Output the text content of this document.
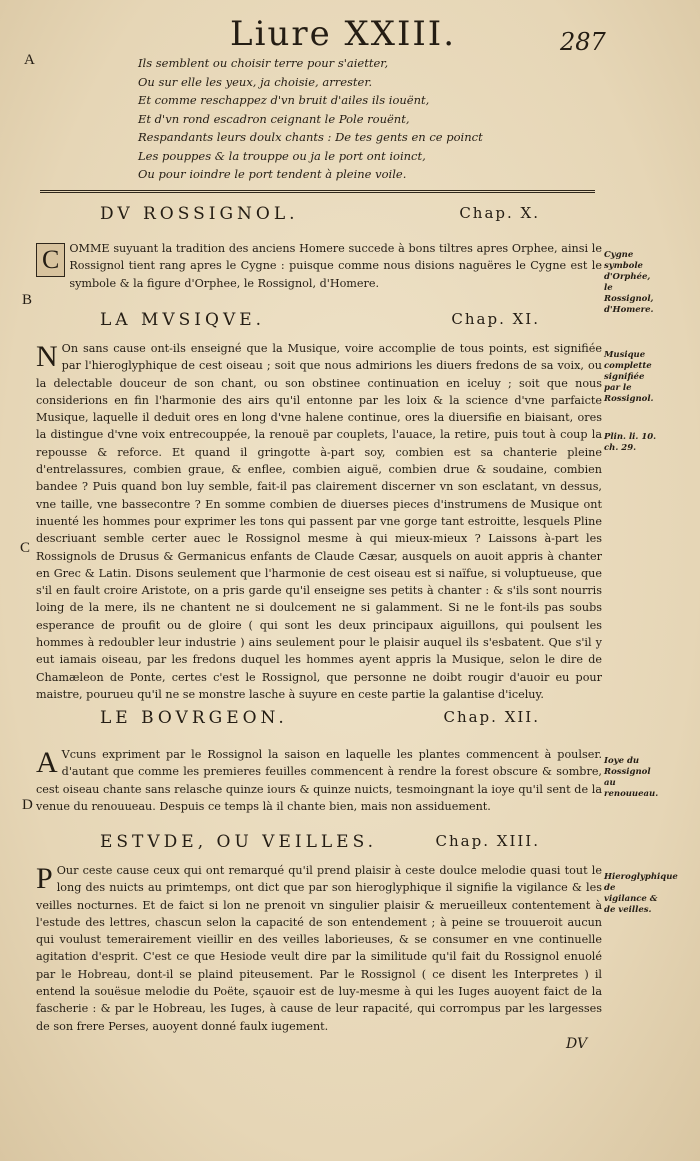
Liure XXIII.	287
A
B
C
D
Ils semblent ou choisir terre pour s'aietter,
Ou sur elle les yeux, ja choisie, arrester.
Et comme reschappez d'vn bruit d'ailes ils iouënt,
Et d'vn rond escadron ceignant le Pole rouënt,
Respandants leurs doulx chants : De tes gents en ce poinct
Les pouppes & la trouppe ou ja le port ont ioinct,
Ou pour ioindre le port tendent à pleine voile.
DV ROSSIGNOL.	Chap. X.

C OMME suyuant la tradition des anciens Homere succede à bons tiltres apres Orphee, ainsi le Rossignol tient rang apres le Cygne : puisque comme nous disions naguëres le Cygne est le symbole & la figure d'Orphee, le Rossignol, d'Homere.

Cygne symbole d'Orphée, le Rossignol, d'Homere.
LA MVSIQVE.	Chap. XI.

N On sans cause ont-ils enseigné que la Musique, voire accomplie de tous points, est signifiée par l'hieroglyphique de cest oiseau ; soit que nous admirions les diuers fredons de sa voix, ou la delectable douceur de son chant, ou son obstinee continuation en iceluy ; soit que nous considerions en fin l'harmonie des airs qu'il entonne par les loix & la science d'vne parfaicte Musique, laquelle il deduit ores en long d'vne halene continue, ores la diuersifie en biaisant, ores la distingue d'vne voix entrecouppée, la renouë par couplets, l'auace, la retire, puis tout à coup la repousse & reforce. Et quand il gringotte à-part soy, combien est sa chanterie pleine d'entrelassures, combien graue, & enflee, combien aiguë, combien drue & soudaine, combien bandee ? Puis quand bon luy semble, fait-il pas clairement discerner vn son esclatant, vn dessus, vne taille, vne bassecontre ? En somme combien de diuerses pieces d'instrumens de Musique ont inuenté les hommes pour exprimer les tons qui passent par vne gorge tant estroitte, lesquels Pline descriuant semble certer auec le Rossignol mesme à qui mieux-mieux ? Laissons à-part les Rossignols de Drusus & Germanicus enfants de Claude Cæsar, ausquels on auoit appris à chanter en Grec & Latin. Disons seulement que l'harmonie de cest oiseau est si naïfue, si voluptueuse, que s'il en fault croire Aristote, on a pris garde qu'il enseigne ses petits à chanter : & s'ils sont nourris loing de la mere, ils ne chantent ne si doulcement ne si galamment. Si ne le font-ils pas soubs esperance de proufit ou de gloire ( qui sont les deux principaux aiguillons, qui poulsent les hommes à redoubler leur industrie ) ains seulement pour le plaisir auquel ils s'esbatent. Que s'il y eut iamais oiseau, par les fredons duquel les hommes ayent appris la Musique, selon le dire de Chamæleon de Ponte, certes c'est le Rossignol, que personne ne doibt rougir d'auoir eu pour maistre, pourueu qu'il ne se monstre lasche à suyure en ceste partie la galantise d'iceluy.

Musique complette signifiée par le Rossignol.
Plin. li. 10. ch. 29.
LE BOVRGEON.	Chap. XII.

A Vcuns expriment par le Rossignol la saison en laquelle les plantes commencent à poulser. d'autant que comme les premieres feuilles commencent à rendre la forest obscure & sombre, cest oiseau chante sans relasche quinze iours & quinze nuicts, tesmoingnant la ioye qu'il sent de la venue du renouueau. Despuis ce temps là il chante bien, mais non assiduement.

Ioye du Rossignol au renouueau.
ESTVDE, OU VEILLES.	Chap. XIII.

P Our ceste cause ceux qui ont remarqué qu'il prend plaisir à ceste doulce melodie quasi tout le long des nuicts au primtemps, ont dict que par son hieroglyphique il signifie la vigilance & les veilles nocturnes. Et de faict si lon ne prenoit vn singulier plaisir & merueilleux contentement à l'estude des lettres, chascun selon la capacité de son entendement ; à peine se trouueroit aucun qui voulust temerairement vieillir en des veilles laborieuses, & se consumer en vne continuelle agitation d'esprit. C'est ce que Hesiode veult dire par la similitude qu'il fait du Rossignol enuolé par le Hobreau, dont-il se plaind piteusement. Par le Rossignol ( ce disent les Interpretes ) il entend la souësue melodie du Poëte, sçauoir est de luy-mesme à qui les Iuges auoyent faict de la fascherie : & par le Hobreau, les Iuges, à cause de leur rapacité, qui corrompus par les largesses de son frere Perses, auoyent donné faulx iugement.

Hieroglyphique de vigilance & de veilles.
DV
